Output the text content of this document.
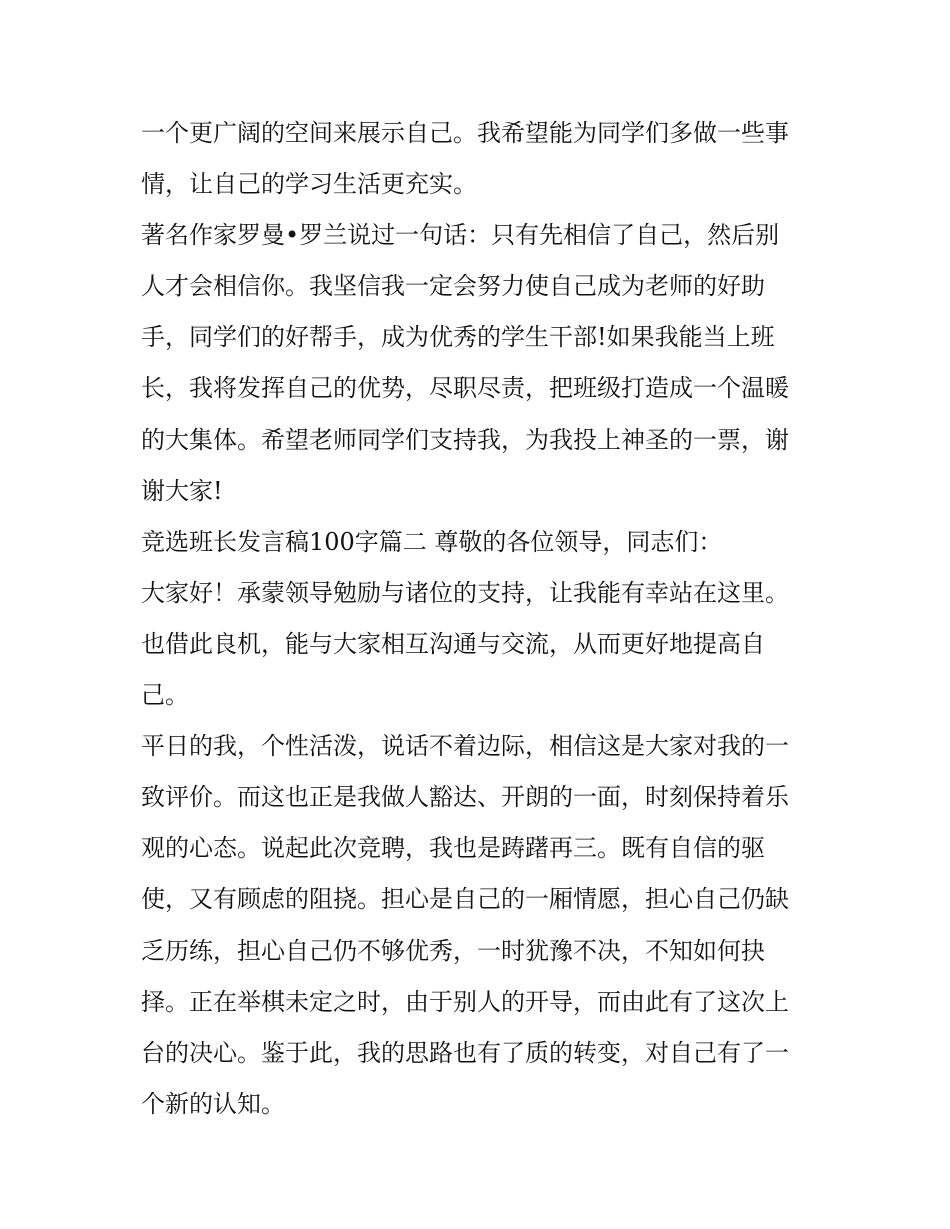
一个更广阔的空间来展示自己。我希望能为同学们多做一些事
情，让自己的学习生活更充实。
著名作家罗曼•罗兰说过一句话：只有先相信了自己，然后别
人才会相信你。我坚信我一定会努力使自己成为老师的好助
手，同学们的好帮手，成为优秀的学生干部!如果我能当上班
长，我将发挥自己的优势，尽职尽责，把班级打造成一个温暖
的大集体。希望老师同学们支持我，为我投上神圣的一票，谢
谢大家!
竞选班长发言稿100字篇二 尊敬的各位领导，同志们：
大家好！承蒙领导勉励与诸位的支持，让我能有幸站在这里。
也借此良机，能与大家相互沟通与交流，从而更好地提高自
己。
平日的我，个性活泼，说话不着边际，相信这是大家对我的一
致评价。而这也正是我做人豁达、开朗的一面，时刻保持着乐
观的心态。说起此次竞聘，我也是踌躇再三。既有自信的驱
使，又有顾虑的阻挠。担心是自己的一厢情愿，担心自己仍缺
乏历练，担心自己仍不够优秀，一时犹豫不决，不知如何抉
择。正在举棋未定之时，由于别人的开导，而由此有了这次上
台的决心。鉴于此，我的思路也有了质的转变，对自己有了一
个新的认知。
